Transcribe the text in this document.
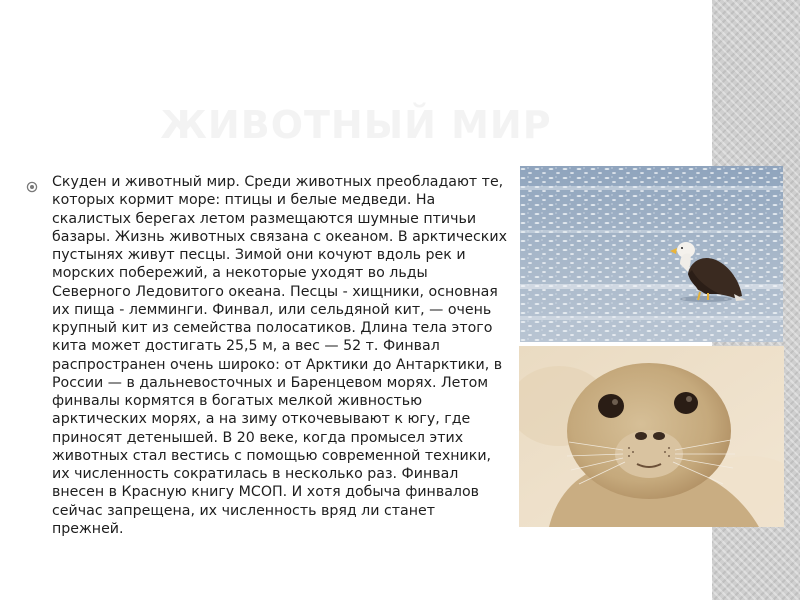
ЖИВОТНЫЙ МИР

Скуден и животный мир. Среди животных преобладают те, которых кормит море: птицы и белые медведи. На скалистых берегах летом размещаются шумные птичьи базары. Жизнь животных связана с океаном. В арктических пустынях живут песцы. Зимой они кочуют вдоль рек и морских побережий, а некоторые уходят во льды Северного Ледовитого океана. Песцы - хищники, основная их пища - лемминги. Финвал, или сельдяной кит, — очень крупный кит из семейства полосатиков. Длина тела этого кита может достигать 25,5 м, а вес — 52 т. Финвал распространен очень широко: от Арктики до Антарктики, в России — в дальневосточных и Баренцевом морях. Летом финвалы кормятся в богатых мелкой живностью арктических морях, а на зиму откочевывают к югу, где приносят детенышей. В 20 веке, когда промысел этих животных стал вестись с помощью современной техники, их численность сократилась в несколько раз. Финвал внесен в Красную книгу МСОП. И хотя добыча финвалов сейчас запрещена, их численность вряд ли станет прежней.
